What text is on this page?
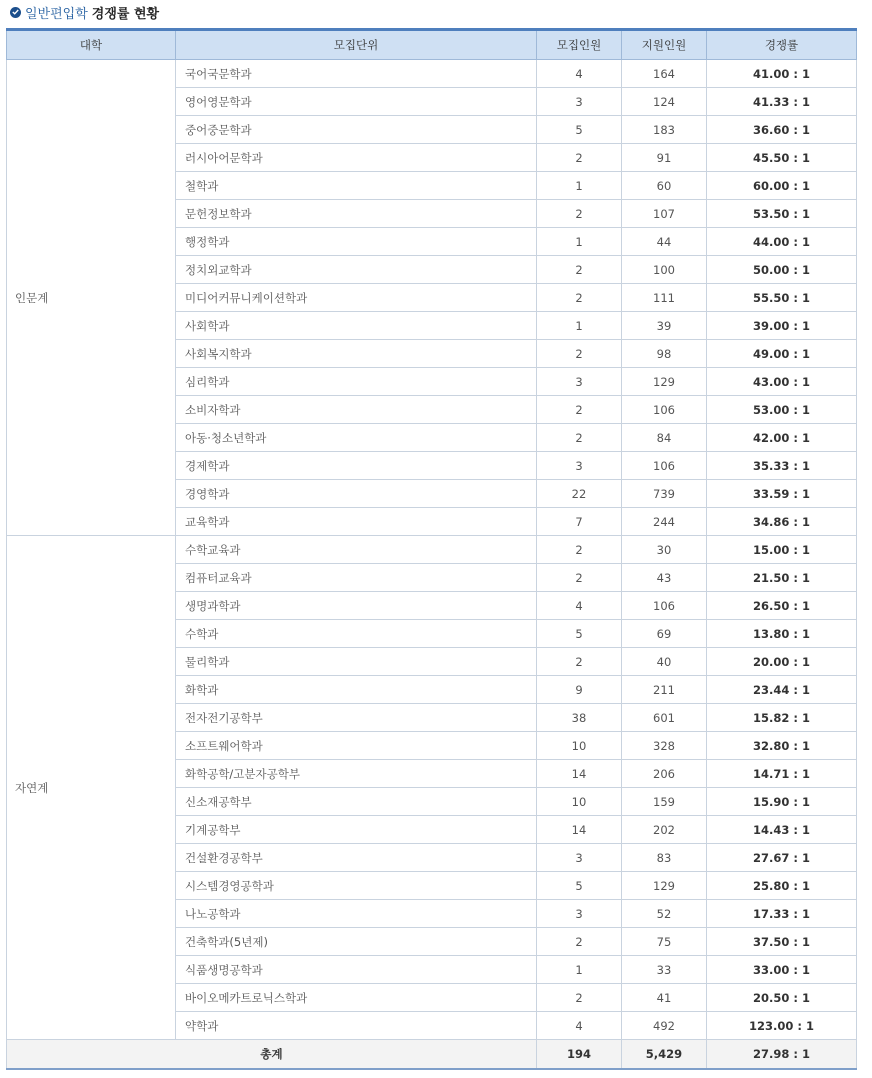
일반편입학 경쟁률 현황
대학	모집단위	모집인원	지원인원	경쟁률
인문계	국어국문학과	4	164	41.00 : 1
	영어영문학과	3	124	41.33 : 1
	중어중문학과	5	183	36.60 : 1
	러시아어문학과	2	91	45.50 : 1
	철학과	1	60	60.00 : 1
	문헌정보학과	2	107	53.50 : 1
	행정학과	1	44	44.00 : 1
	정치외교학과	2	100	50.00 : 1
	미디어커뮤니케이션학과	2	111	55.50 : 1
	사회학과	1	39	39.00 : 1
	사회복지학과	2	98	49.00 : 1
	심리학과	3	129	43.00 : 1
	소비자학과	2	106	53.00 : 1
	아동·청소년학과	2	84	42.00 : 1
	경제학과	3	106	35.33 : 1
	경영학과	22	739	33.59 : 1
	교육학과	7	244	34.86 : 1
자연계	수학교육과	2	30	15.00 : 1
	컴퓨터교육과	2	43	21.50 : 1
	생명과학과	4	106	26.50 : 1
	수학과	5	69	13.80 : 1
	물리학과	2	40	20.00 : 1
	화학과	9	211	23.44 : 1
	전자전기공학부	38	601	15.82 : 1
	소프트웨어학과	10	328	32.80 : 1
	화학공학/고분자공학부	14	206	14.71 : 1
	신소재공학부	10	159	15.90 : 1
	기계공학부	14	202	14.43 : 1
	건설환경공학부	3	83	27.67 : 1
	시스템경영공학과	5	129	25.80 : 1
	나노공학과	3	52	17.33 : 1
	건축학과(5년제)	2	75	37.50 : 1
	식품생명공학과	1	33	33.00 : 1
	바이오메카트로닉스학과	2	41	20.50 : 1
	약학과	4	492	123.00 : 1
총계		194	5,429	27.98 : 1
